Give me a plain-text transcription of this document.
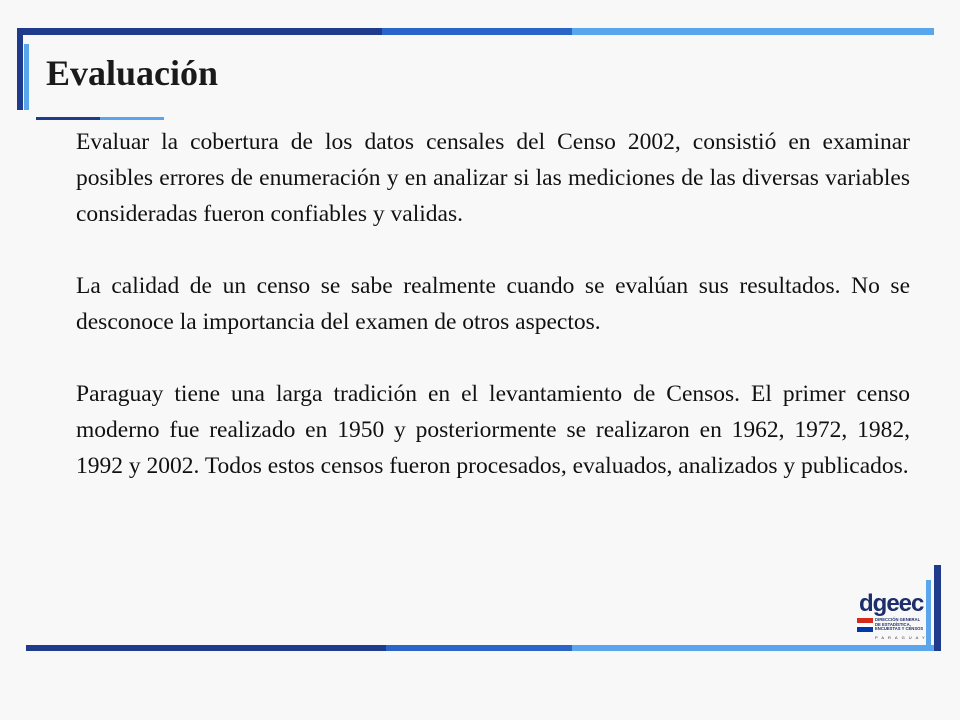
Evaluación

Evaluar la cobertura de los datos censales del Censo 2002, consistió en examinar posibles errores de enumeración y en analizar si las mediciones de las diversas variables consideradas fueron confiables y validas.

La calidad de un censo se sabe realmente cuando se evalúan sus resultados. No se desconoce la importancia del examen de otros aspectos.

Paraguay tiene una larga tradición en el levantamiento de Censos. El primer censo moderno fue realizado en 1950 y posteriormente se realizaron en 1962, 1972, 1982, 1992 y 2002. Todos estos censos fueron procesados, evaluados, analizados y publicados.

dgeec
DIRECCIÓN GENERAL
DE ESTADÍSTICA,
ENCUESTAS Y CENSOS
PARAGUAY
